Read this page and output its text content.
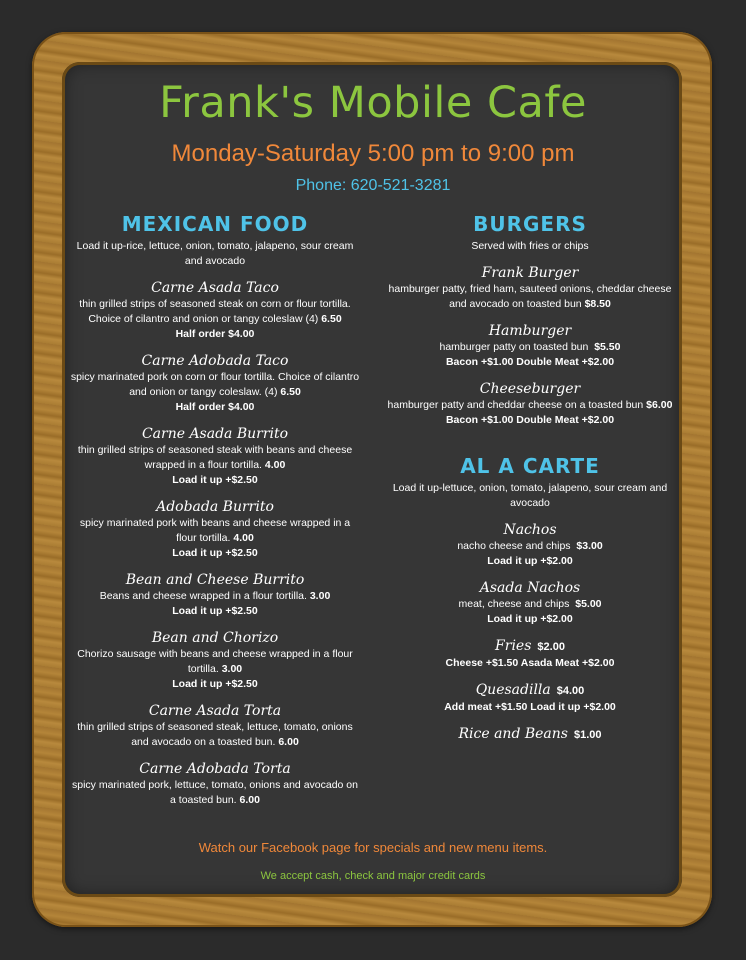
Frank's Mobile Cafe

Monday-Saturday 5:00 pm to 9:00 pm

Phone: 620-521-3281

MEXICAN FOOD

Load it up-rice, lettuce, onion, tomato, jalapeno, sour cream and avocado

Carne Asada Taco

thin grilled strips of seasoned steak on corn or flour tortilla. Choice of cilantro and onion or tangy coleslaw (4) 6.50

Half order $4.00

Carne Adobada Taco

spicy marinated pork on corn or flour tortilla. Choice of cilantro and onion or tangy coleslaw. (4) 6.50

Half order $4.00

Carne Asada Burrito

thin grilled strips of seasoned steak with beans and cheese wrapped in a flour tortilla. 4.00

Load it up +$2.50

Adobada Burrito

spicy marinated pork with beans and cheese wrapped in a flour tortilla. 4.00

Load it up +$2.50

Bean and Cheese Burrito

Beans and cheese wrapped in a flour tortilla. 3.00

Load it up +$2.50

Bean and Chorizo

Chorizo sausage with beans and cheese wrapped in a flour tortilla. 3.00

Load it up +$2.50

Carne Asada Torta

thin grilled strips of seasoned steak, lettuce, tomato, onions and avocado on a toasted bun. 6.00

Carne Adobada Torta

spicy marinated pork, lettuce, tomato, onions and avocado on a toasted bun. 6.00

BURGERS

Served with fries or chips

Frank Burger

hamburger patty, fried ham, sauteed onions, cheddar cheese and avocado on toasted bun $8.50

Hamburger

hamburger patty on toasted bun $5.50

Bacon +$1.00 Double Meat +$2.00

Cheeseburger

hamburger patty and cheddar cheese on a toasted bun $6.00

Bacon +$1.00 Double Meat +$2.00

AL A CARTE

Load it up-lettuce, onion, tomato, jalapeno, sour cream and avocado

Nachos

nacho cheese and chips $3.00

Load it up +$2.00

Asada Nachos

meat, cheese and chips $5.00

Load it up +$2.00

Fries $2.00

Cheese +$1.50 Asada Meat +$2.00

Quesadilla $4.00

Add meat +$1.50 Load it up +$2.00

Rice and Beans $1.00

Watch our Facebook page for specials and new menu items.

We accept cash, check and major credit cards
